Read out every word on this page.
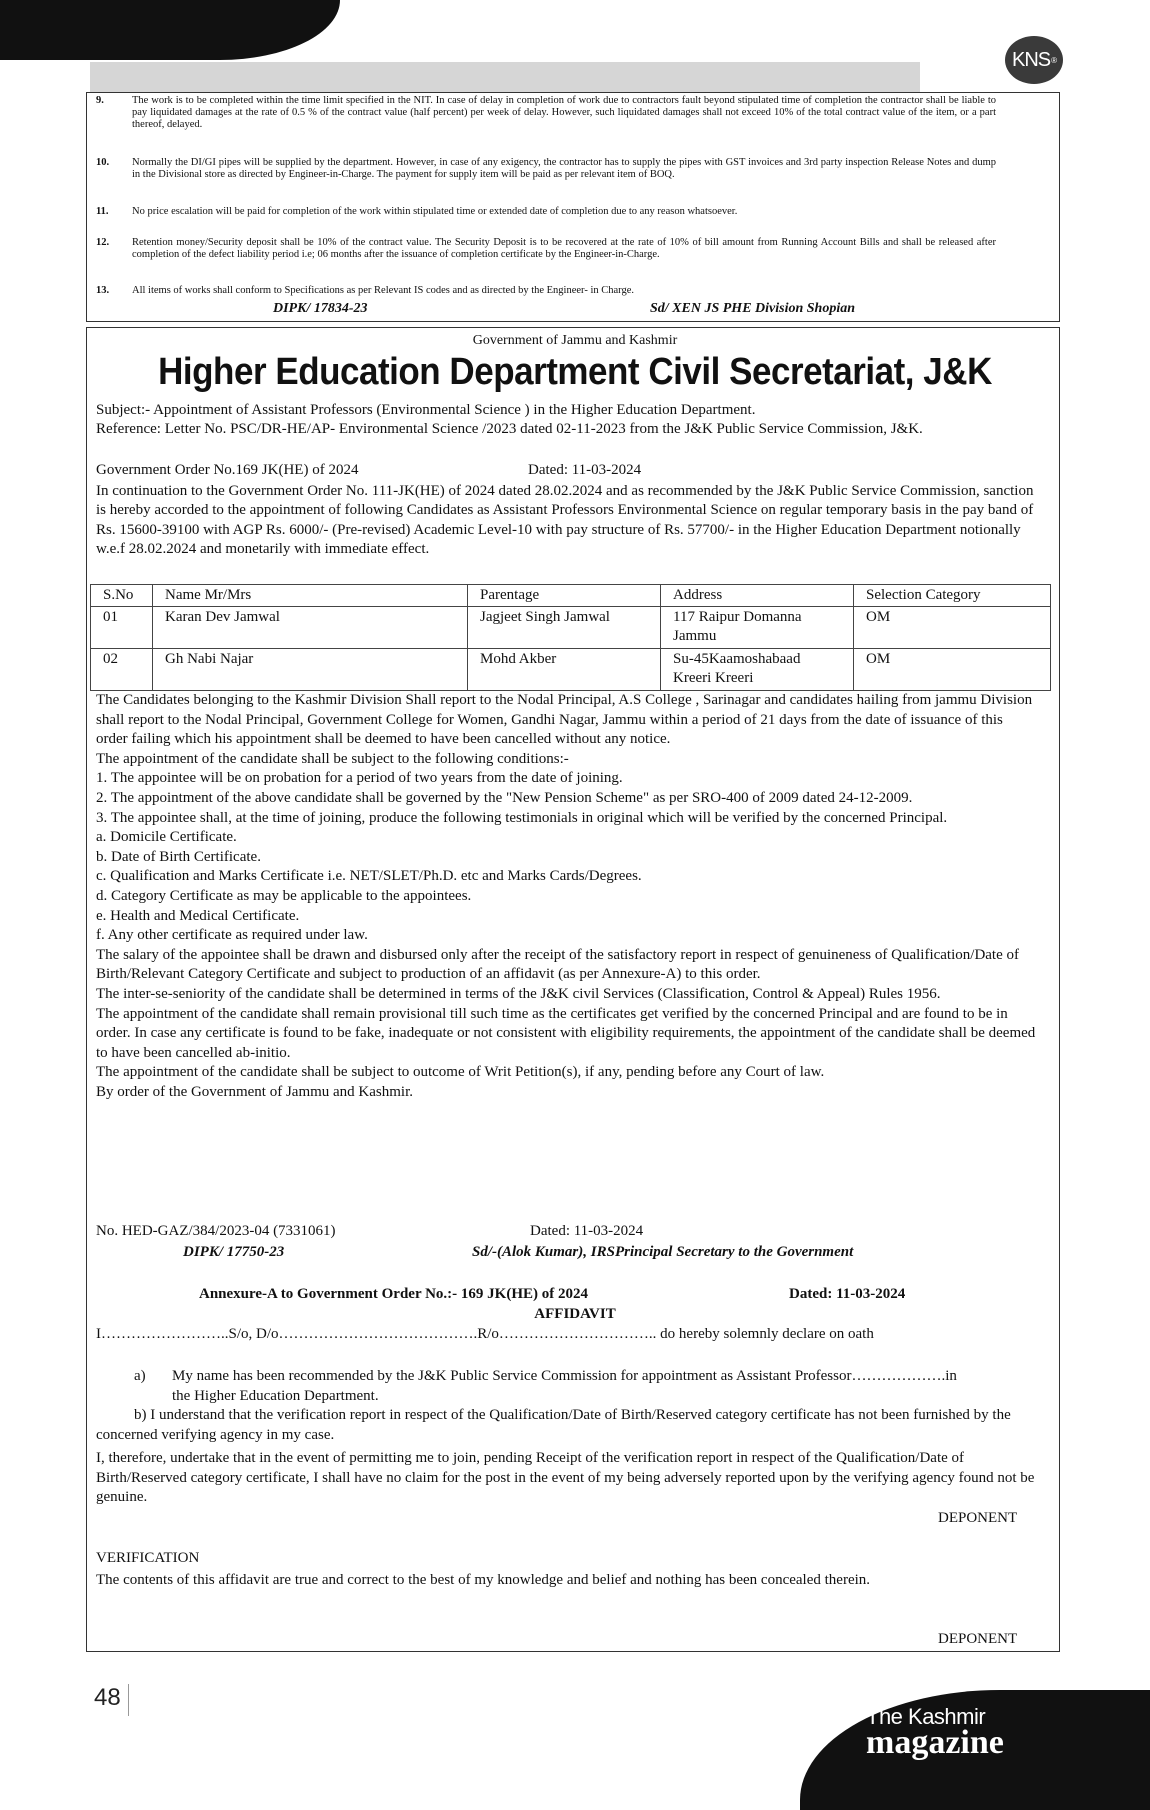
KNS ®
9.	The work is to be completed within the time limit specified in the NIT. In case of delay in completion of work due to contractors fault beyond stipulated time of completion the contractor shall be liable to pay liquidated damages at the rate of 0.5 % of the contract value (half percent) per week of delay. However, such liquidated damages shall not exceed 10% of the total contract value of the item, or a part thereof, delayed.
10. Normally the DI/GI pipes will be supplied by the department. However, in case of any exigency, the contractor has to supply the pipes with GST invoices and 3rd party inspection Release Notes and dump in the Divisional store as directed by Engineer-in-Charge. The payment for supply item will be paid as per relevant item of BOQ.
11. No price escalation will be paid for completion of the work within stipulated time or extended date of completion due to any reason whatsoever.
12. Retention money/Security deposit shall be 10% of the contract value. The Security Deposit is to be recovered at the rate of 10% of bill amount from Running Account Bills and shall be released after completion of the defect liability period i.e; 06 months after the issuance of completion certificate by the Engineer-in-Charge.
13. All items of works shall conform to Specifications as per Relevant IS codes and as directed by the Engineer- in Charge.
DIPK/ 17834-23	Sd/ XEN JS PHE Division Shopian
Government of Jammu and Kashmir
Higher Education Department Civil Secretariat, J&K

Subject:- Appointment of Assistant Professors (Environmental Science ) in the Higher Education Department.

Reference: Letter No. PSC/DR-HE/AP- Environmental Science /2023 dated 02-11-2023 from the J&K Public Service Commission, J&K.

Government Order No.169 JK(HE) of 2024	Dated: 11-03-2024

In continuation to the Government Order No. 111-JK(HE) of 2024 dated 28.02.2024 and as recommended by the J&K Public Service Commission, sanction is hereby accorded to the appointment of following Candidates as Assistant Professors Environmental Science on regular temporary basis in the pay band of Rs. 15600-39100 with AGP Rs. 6000/- (Pre-revised) Academic Level-10 with pay structure of Rs. 57700/- in the Higher Education Department notionally w.e.f 28.02.2024 and monetarily with immediate effect.

S.No	Name Mr/Mrs	Parentage	Address	Selection Category
01	Karan Dev Jamwal	Jagjeet Singh Jamwal	117 Raipur Domanna Jammu	OM
02	Gh Nabi Najar	Mohd Akber	Su-45Kaamoshabaad Kreeri Kreeri	OM

The Candidates belonging to the Kashmir Division Shall report to the Nodal Principal, A.S College , Sarinagar and candidates hailing from jammu Division shall report to the Nodal Principal, Government College for Women, Gandhi Nagar, Jammu within a period of 21 days from the date of issuance of this order failing which his appointment shall be deemed to have been cancelled without any notice.

The appointment of the candidate shall be subject to the following conditions:-

1. The appointee will be on probation for a period of two years from the date of joining.

2. The appointment of the above candidate shall be governed by the "New Pension Scheme" as per SRO-400 of 2009 dated 24-12-2009.

3. The appointee shall, at the time of joining, produce the following testimonials in original which will be verified by the concerned Principal.

a. Domicile Certificate.

b. Date of Birth Certificate.

c. Qualification and Marks Certificate i.e. NET/SLET/Ph.D. etc and Marks Cards/Degrees.

d. Category Certificate as may be applicable to the appointees.

e. Health and Medical Certificate.

f. Any other certificate as required under law.

The salary of the appointee shall be drawn and disbursed only after the receipt of the satisfactory report in respect of genuineness of Qualification/Date of Birth/Relevant Category Certificate and subject to production of an affidavit (as per Annexure-A) to this order.

The inter-se-seniority of the candidate shall be determined in terms of the J&K civil Services (Classification, Control & Appeal) Rules 1956.

The appointment of the candidate shall remain provisional till such time as the certificates get verified by the concerned Principal and are found to be in order. In case any certificate is found to be fake, inadequate or not consistent with eligibility requirements, the appointment of the candidate shall be deemed to have been cancelled ab-initio.

The appointment of the candidate shall be subject to outcome of Writ Petition(s), if any, pending before any Court of law.

By order of the Government of Jammu and Kashmir.

No. HED-GAZ/384/2023-04 (7331061)	Dated: 11-03-2024
DIPK/ 17750-23	Sd/-(Alok Kumar), IRSPrincipal Secretary to the Government
Annexure-A to Government Order No.:- 169 JK(HE) of 2024	Dated: 11-03-2024
AFFIDAVIT
I……………………..S/o, D/o………………………………….R/o………………………….. do hereby solemnly declare on oath
a)	My name has been recommended by the J&K Public Service Commission for appointment as Assistant Professor……………….in the Higher Education Department.
b) I understand that the verification report in respect of the Qualification/Date of Birth/Reserved category certificate has not been furnished by the concerned verifying agency in my case.
I, therefore, undertake that in the event of permitting me to join, pending Receipt of the verification report in respect of the Qualification/Date of Birth/Reserved category certificate, I shall have no claim for the post in the event of my being adversely reported upon by the verifying agency found not be genuine.
DEPONENT
VERIFICATION
The contents of this affidavit are true and correct to the best of my knowledge and belief and nothing has been concealed therein.
DEPONENT
48
The Kashmir
magazine
